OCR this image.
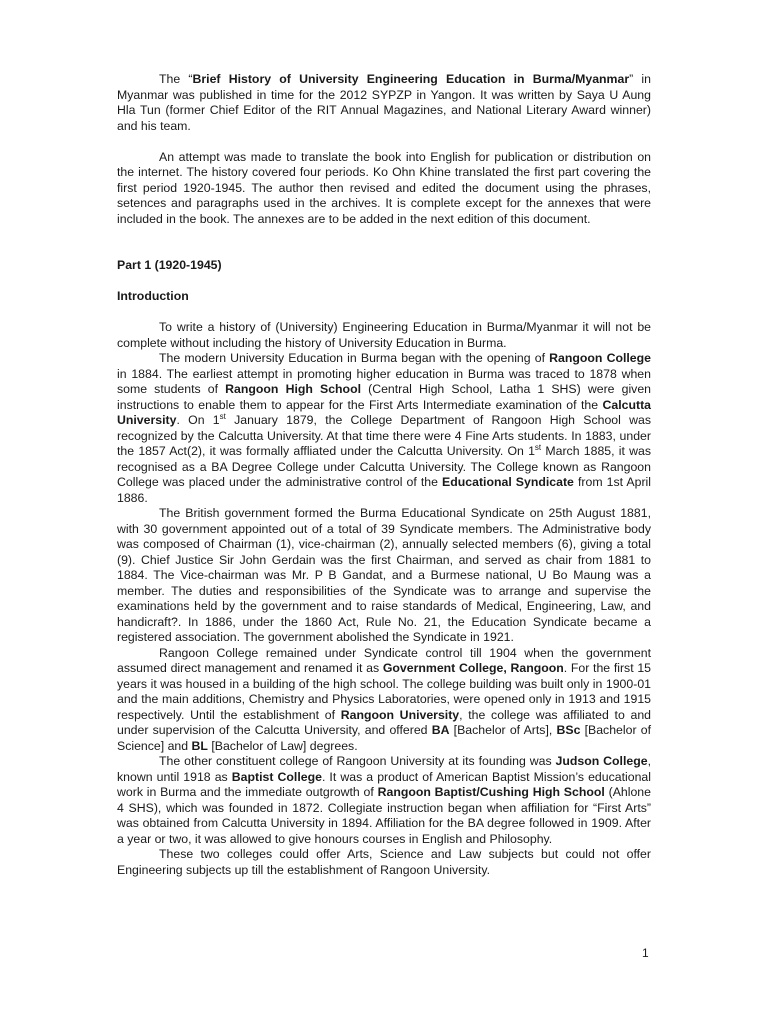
The “Brief History of University Engineering Education in Burma/Myanmar” in Myanmar was published in time for the 2012 SYPZP in Yangon. It was written by Saya U Aung Hla Tun (former Chief Editor of the RIT Annual Magazines, and National Literary Award winner) and his team.

An attempt was made to translate the book into English for publication or distribution on the internet. The history covered four periods. Ko Ohn Khine translated the first part covering the first period 1920-1945. The author then revised and edited the document using the phrases, setences and paragraphs used in the archives. It is complete except for the annexes that were included in the book. The annexes are to be added in the next edition of this document.

Part 1 (1920-1945)

Introduction

To write a history of (University) Engineering Education in Burma/Myanmar it will not be complete without including the history of University Education in Burma.

The modern University Education in Burma began with the opening of Rangoon College in 1884. The earliest attempt in promoting higher education in Burma was traced to 1878 when some students of Rangoon High School (Central High School, Latha 1 SHS) were given instructions to enable them to appear for the First Arts Intermediate examination of the Calcutta University. On 1st January 1879, the College Department of Rangoon High School was recognized by the Calcutta University. At that time there were 4 Fine Arts students. In 1883, under the 1857 Act(2), it was formally affliated under the Calcutta University. On 1st March 1885, it was recognised as a BA Degree College under Calcutta University. The College known as Rangoon College was placed under the administrative control of the Educational Syndicate from 1st April 1886.

The British government formed the Burma Educational Syndicate on 25th August 1881, with 30 government appointed out of a total of 39 Syndicate members. The Administrative body was composed of Chairman (1), vice-chairman (2), annually selected members (6), giving a total (9). Chief Justice Sir John Gerdain was the first Chairman, and served as chair from 1881 to 1884. The Vice-chairman was Mr. P B Gandat, and a Burmese national, U Bo Maung was a member. The duties and responsibilities of the Syndicate was to arrange and supervise the examinations held by the government and to raise standards of Medical, Engineering, Law, and handicraft?. In 1886, under the 1860 Act, Rule No. 21, the Education Syndicate became a registered association. The government abolished the Syndicate in 1921.

Rangoon College remained under Syndicate control till 1904 when the government assumed direct management and renamed it as Government College, Rangoon. For the first 15 years it was housed in a building of the high school. The college building was built only in 1900-01 and the main additions, Chemistry and Physics Laboratories, were opened only in 1913 and 1915 respectively. Until the establishment of Rangoon University, the college was affiliated to and under supervision of the Calcutta University, and offered BA [Bachelor of Arts], BSc [Bachelor of Science] and BL [Bachelor of Law] degrees.

The other constituent college of Rangoon University at its founding was Judson College, known until 1918 as Baptist College. It was a product of American Baptist Mission’s educational work in Burma and the immediate outgrowth of Rangoon Baptist/Cushing High School (Ahlone 4 SHS), which was founded in 1872. Collegiate instruction began when affiliation for “First Arts” was obtained from Calcutta University in 1894. Affiliation for the BA degree followed in 1909. After a year or two, it was allowed to give honours courses in English and Philosophy.

These two colleges could offer Arts, Science and Law subjects but could not offer Engineering subjects up till the establishment of Rangoon University.

1
